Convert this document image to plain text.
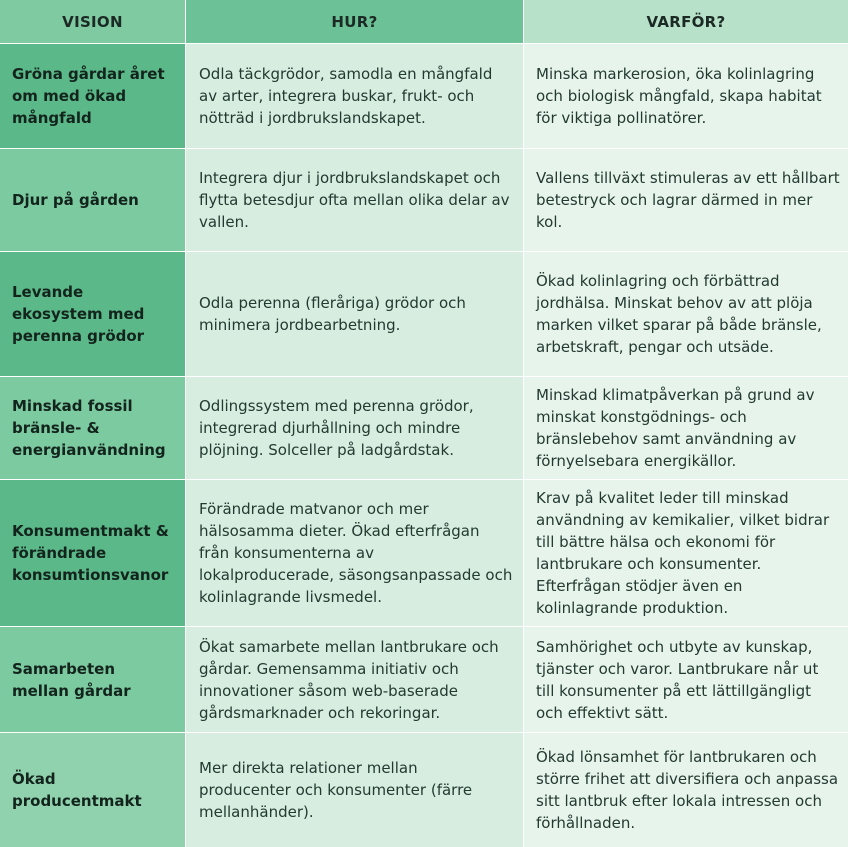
VISION	HUR?	VARFÖR?
Gröna gårdar året om med ökad mångfald
Odla täckgrödor, samodla en mångfald av arter, integrera buskar, frukt- och nötträd i jordbrukslandskapet.
Minska markerosion, öka kolinlagring och biologisk mångfald, skapa habitat för viktiga pollinatörer.
Djur på gården
Integrera djur i jordbrukslandskapet och flytta betesdjur ofta mellan olika delar av vallen.
Vallens tillväxt stimuleras av ett hållbart betestryck och lagrar därmed in mer kol.
Levande ekosystem med perenna grödor
Odla perenna (fleråriga) grödor och minimera jordbearbetning.
Ökad kolinlagring och förbättrad jordhälsa. Minskat behov av att plöja marken vilket sparar på både bränsle, arbetskraft, pengar och utsäde.
Minskad fossil bränsle- & energianvändning
Odlingssystem med perenna grödor, integrerad djurhållning och mindre plöjning. Solceller på ladgårdstak.
Minskad klimatpåverkan på grund av minskat konstgödnings- och bränslebehov samt användning av förnyelsebara energikällor.
Konsumentmakt & förändrade konsumtionsvanor
Förändrade matvanor och mer hälsosamma dieter. Ökad efterfrågan från konsumenterna av lokalproducerade, säsongsanpassade och kolinlagrande livsmedel.
Krav på kvalitet leder till minskad användning av kemikalier, vilket bidrar till bättre hälsa och ekonomi för lantbrukare och konsumenter. Efterfrågan stödjer även en kolinlagrande produktion.
Samarbeten mellan gårdar
Ökat samarbete mellan lantbrukare och gårdar. Gemensamma initiativ och innovationer såsom web-baserade gårdsmarknader och rekoringar.
Samhörighet och utbyte av kunskap, tjänster och varor. Lantbrukare når ut till konsumenter på ett lättillgängligt och effektivt sätt.
Ökad producentmakt
Mer direkta relationer mellan producenter och konsumenter (färre mellanhänder).
Ökad lönsamhet för lantbrukaren och större frihet att diversifiera och anpassa sitt lantbruk efter lokala intressen och förhållnaden.
